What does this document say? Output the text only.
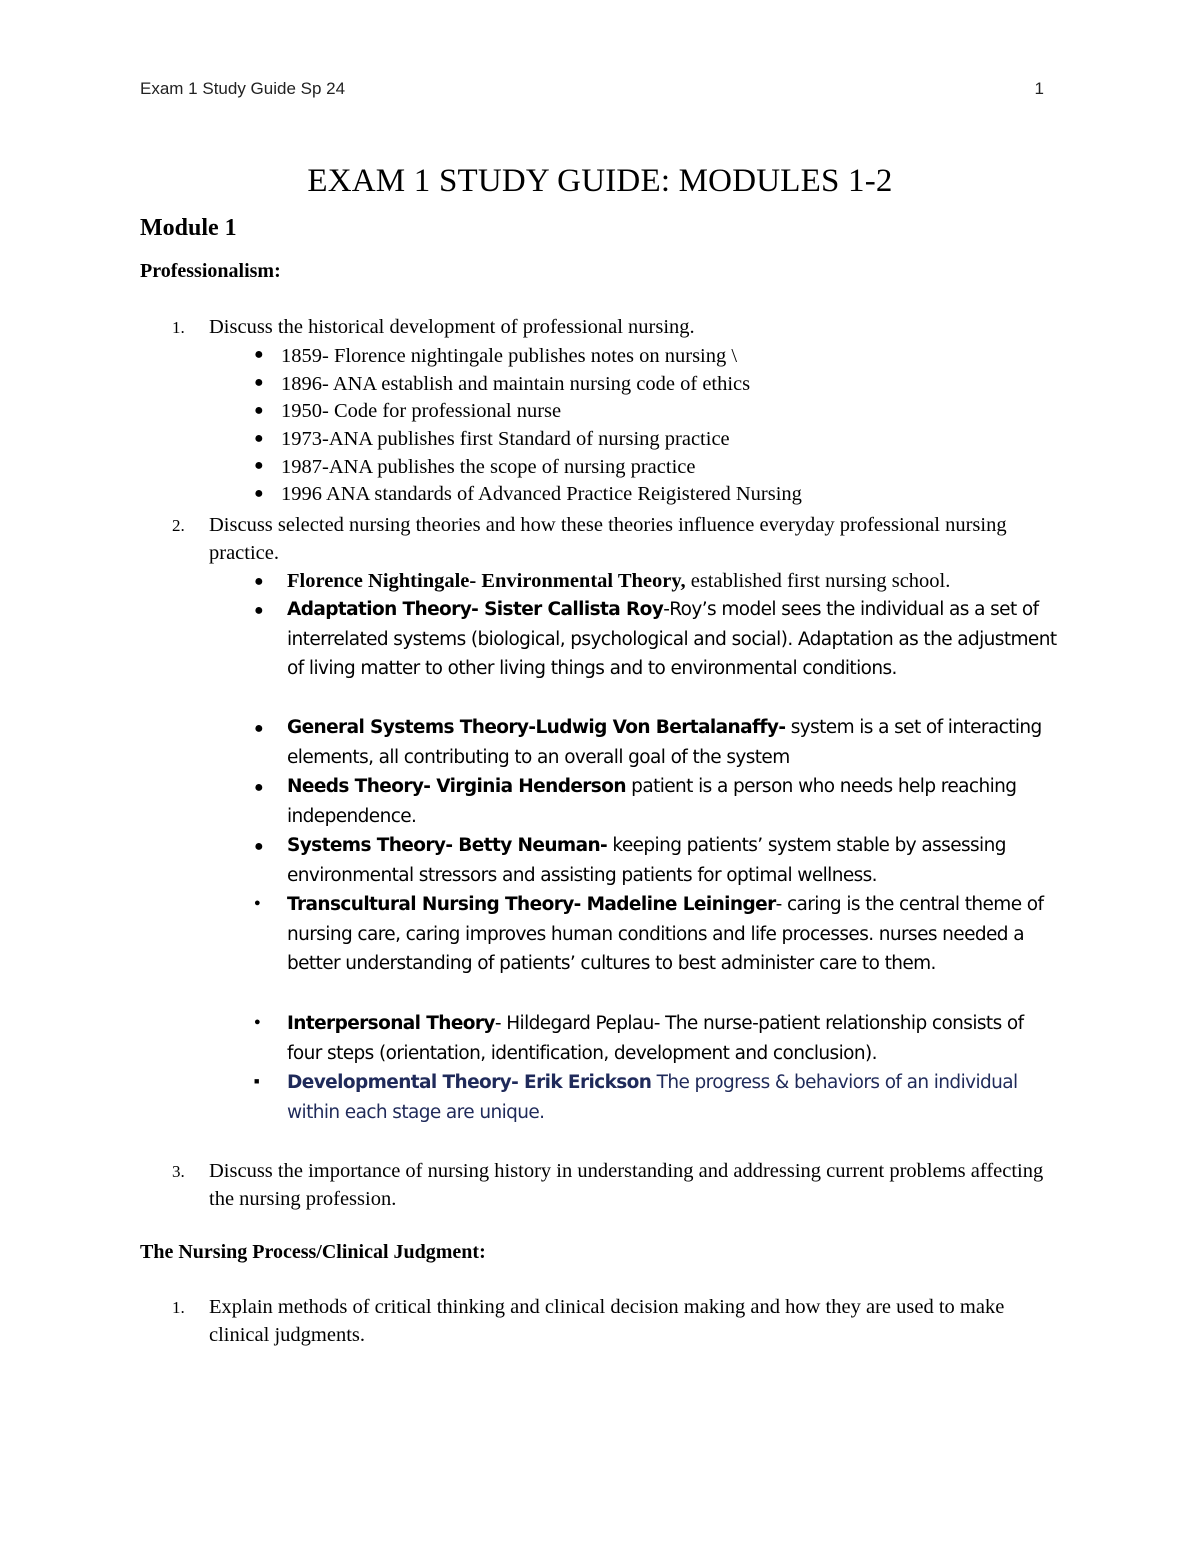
Exam 1 Study Guide Sp 24	1
EXAM 1 STUDY GUIDE: MODULES 1-2
Module 1
Professionalism:
1. Discuss the historical development of professional nursing.
● 1859- Florence nightingale publishes notes on nursing \
● 1896- ANA establish and maintain nursing code of ethics
● 1950- Code for professional nurse
● 1973-ANA publishes first Standard of nursing practice
● 1987-ANA publishes the scope of nursing practice
● 1996 ANA standards of Advanced Practice Reigistered Nursing
2. Discuss selected nursing theories and how these theories influence everyday professional nursing practice.
● Florence Nightingale- Environmental Theory, established first nursing school.
● Adaptation Theory- Sister Callista Roy-Roy’s model sees the individual as a set of interrelated systems (biological, psychological and social). Adaptation as the adjustment of living matter to other living things and to environmental conditions.
● General Systems Theory-Ludwig Von Bertalanaffy- system is a set of interacting elements, all contributing to an overall goal of the system
● Needs Theory- Virginia Henderson patient is a person who needs help reaching independence.
● Systems Theory- Betty Neuman- keeping patients’ system stable by assessing environmental stressors and assisting patients for optimal wellness.
● Transcultural Nursing Theory- Madeline Leininger- caring is the central theme of nursing care, caring improves human conditions and life processes. nurses needed a better understanding of patients’ cultures to best administer care to them.
● Interpersonal Theory- Hildegard Peplau- The nurse-patient relationship consists of four steps (orientation, identification, development and conclusion).
■ Developmental Theory- Erik Erickson The progress & behaviors of an individual within each stage are unique.
3. Discuss the importance of nursing history in understanding and addressing current problems affecting the nursing profession.
The Nursing Process/Clinical Judgment:
1. Explain methods of critical thinking and clinical decision making and how they are used to make clinical judgments.
